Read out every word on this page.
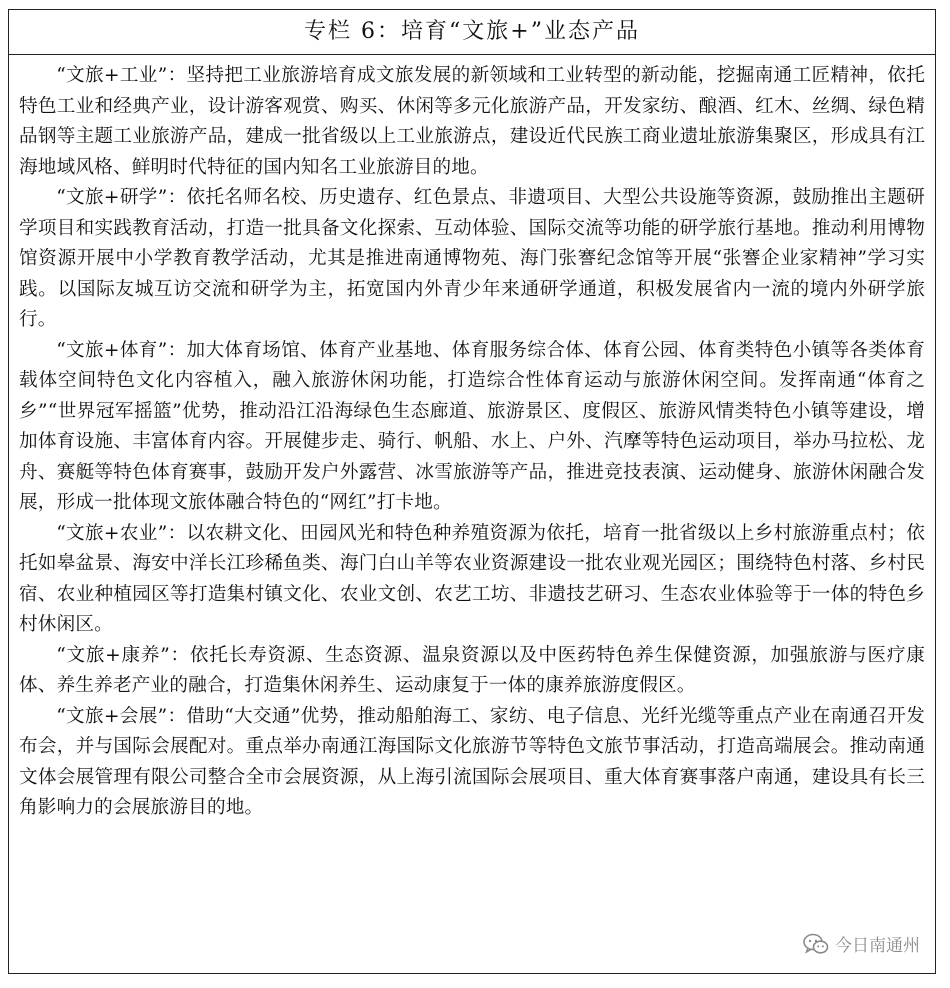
专栏 6：培育“文旅+”业态产品

“文旅+工业”：坚持把工业旅游培育成文旅发展的新领域和工业转型的新动能，挖掘南通工匠精神，依托特色工业和经典产业，设计游客观赏、购买、休闲等多元化旅游产品，开发家纺、酿酒、红木、丝绸、绿色精品钢等主题工业旅游产品，建成一批省级以上工业旅游点，建设近代民族工商业遗址旅游集聚区，形成具有江海地域风格、鲜明时代特征的国内知名工业旅游目的地。

“文旅+研学”：依托名师名校、历史遗存、红色景点、非遗项目、大型公共设施等资源，鼓励推出主题研学项目和实践教育活动，打造一批具备文化探索、互动体验、国际交流等功能的研学旅行基地。推动利用博物馆资源开展中小学教育教学活动，尤其是推进南通博物苑、海门张謇纪念馆等开展“张謇企业家精神”学习实践。以国际友城互访交流和研学为主，拓宽国内外青少年来通研学通道，积极发展省内一流的境内外研学旅行。

“文旅+体育”：加大体育场馆、体育产业基地、体育服务综合体、体育公园、体育类特色小镇等各类体育载体空间特色文化内容植入，融入旅游休闲功能，打造综合性体育运动与旅游休闲空间。发挥南通“体育之乡”“世界冠军摇篮”优势，推动沿江沿海绿色生态廊道、旅游景区、度假区、旅游风情类特色小镇等建设，增加体育设施、丰富体育内容。开展健步走、骑行、帆船、水上、户外、汽摩等特色运动项目，举办马拉松、龙舟、赛艇等特色体育赛事，鼓励开发户外露营、冰雪旅游等产品，推进竞技表演、运动健身、旅游休闲融合发展，形成一批体现文旅体融合特色的“网红”打卡地。

“文旅+农业”：以农耕文化、田园风光和特色种养殖资源为依托，培育一批省级以上乡村旅游重点村；依托如皋盆景、海安中洋长江珍稀鱼类、海门白山羊等农业资源建设一批农业观光园区；围绕特色村落、乡村民宿、农业种植园区等打造集村镇文化、农业文创、农艺工坊、非遗技艺研习、生态农业体验等于一体的特色乡村休闲区。

“文旅+康养”：依托长寿资源、生态资源、温泉资源以及中医药特色养生保健资源，加强旅游与医疗康体、养生养老产业的融合，打造集休闲养生、运动康复于一体的康养旅游度假区。

“文旅+会展”：借助“大交通”优势，推动船舶海工、家纺、电子信息、光纤光缆等重点产业在南通召开发布会，并与国际会展配对。重点举办南通江海国际文化旅游节等特色文旅节事活动，打造高端展会。推动南通文体会展管理有限公司整合全市会展资源，从上海引流国际会展项目、重大体育赛事落户南通，建设具有长三角影响力的会展旅游目的地。

今日南通州
